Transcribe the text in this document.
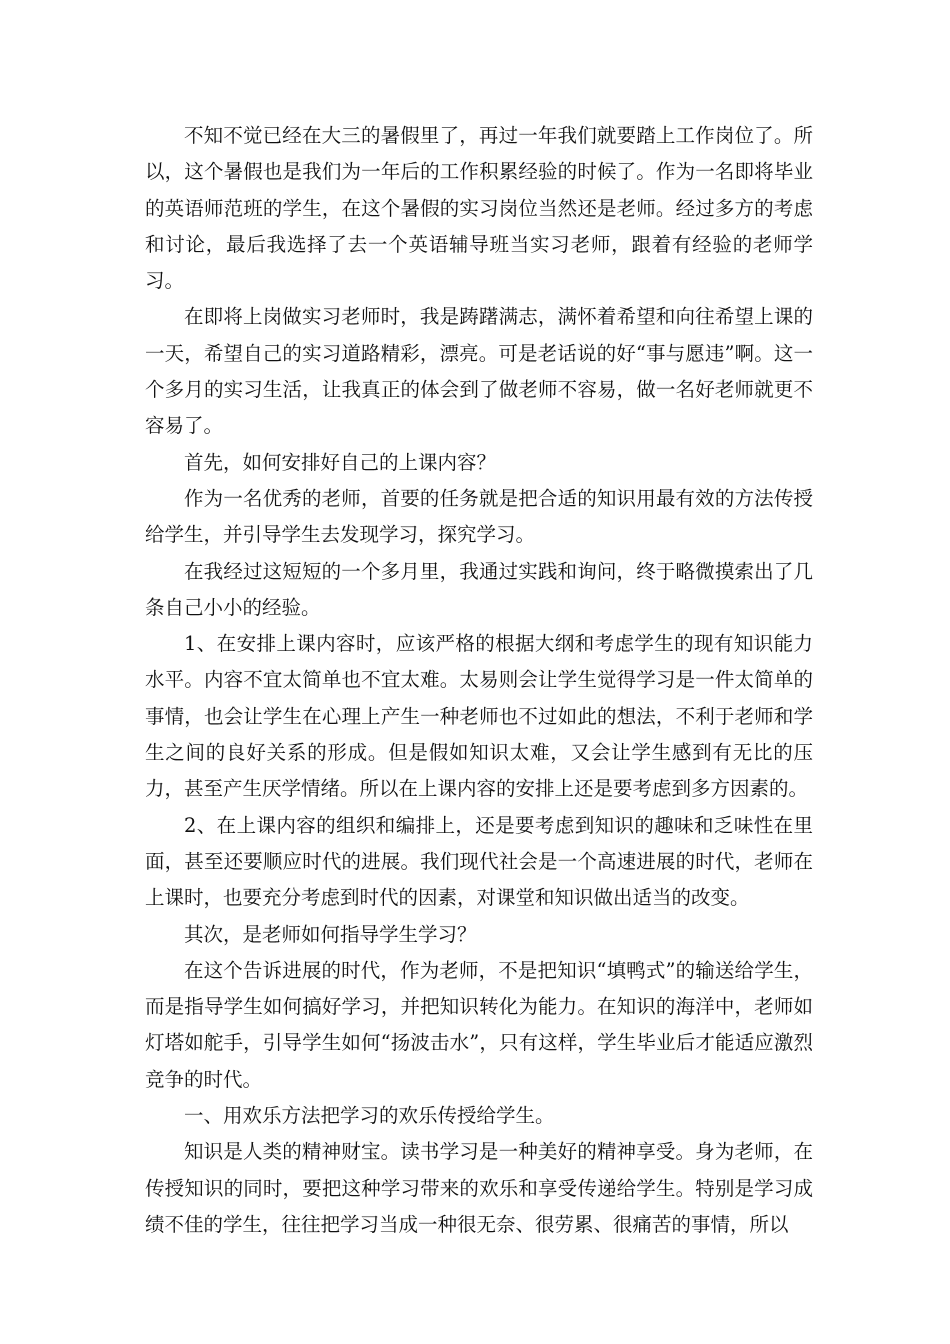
不知不觉已经在大三的暑假里了，再过一年我们就要踏上工作岗位了。所以，这个暑假也是我们为一年后的工作积累经验的时候了。作为一名即将毕业的英语师范班的学生，在这个暑假的实习岗位当然还是老师。经过多方的考虑和讨论，最后我选择了去一个英语辅导班当实习老师，跟着有经验的老师学习。

在即将上岗做实习老师时，我是踌躇满志，满怀着希望和向往希望上课的一天，希望自己的实习道路精彩，漂亮。可是老话说的好“事与愿违”啊。这一个多月的实习生活，让我真正的体会到了做老师不容易，做一名好老师就更不容易了。

首先，如何安排好自己的上课内容？

作为一名优秀的老师，首要的任务就是把合适的知识用最有效的方法传授给学生，并引导学生去发现学习，探究学习。

在我经过这短短的一个多月里，我通过实践和询问，终于略微摸索出了几条自己小小的经验。

1、在安排上课内容时，应该严格的根据大纲和考虑学生的现有知识能力水平。内容不宜太简单也不宜太难。太易则会让学生觉得学习是一件太简单的事情，也会让学生在心理上产生一种老师也不过如此的想法，不利于老师和学生之间的良好关系的形成。但是假如知识太难，又会让学生感到有无比的压力，甚至产生厌学情绪。所以在上课内容的安排上还是要考虑到多方因素的。

2、在上课内容的组织和编排上，还是要考虑到知识的趣味和乏味性在里面，甚至还要顺应时代的进展。我们现代社会是一个高速进展的时代，老师在上课时，也要充分考虑到时代的因素，对课堂和知识做出适当的改变。

其次，是老师如何指导学生学习？

在这个告诉进展的时代，作为老师，不是把知识“填鸭式”的输送给学生，而是指导学生如何搞好学习，并把知识转化为能力。在知识的海洋中，老师如灯塔如舵手，引导学生如何“扬波击水”，只有这样，学生毕业后才能适应激烈竞争的时代。

一、用欢乐方法把学习的欢乐传授给学生。

知识是人类的精神财宝。读书学习是一种美好的精神享受。身为老师，在传授知识的同时，要把这种学习带来的欢乐和享受传递给学生。特别是学习成绩不佳的学生，往往把学习当成一种很无奈、很劳累、很痛苦的事情，所以
